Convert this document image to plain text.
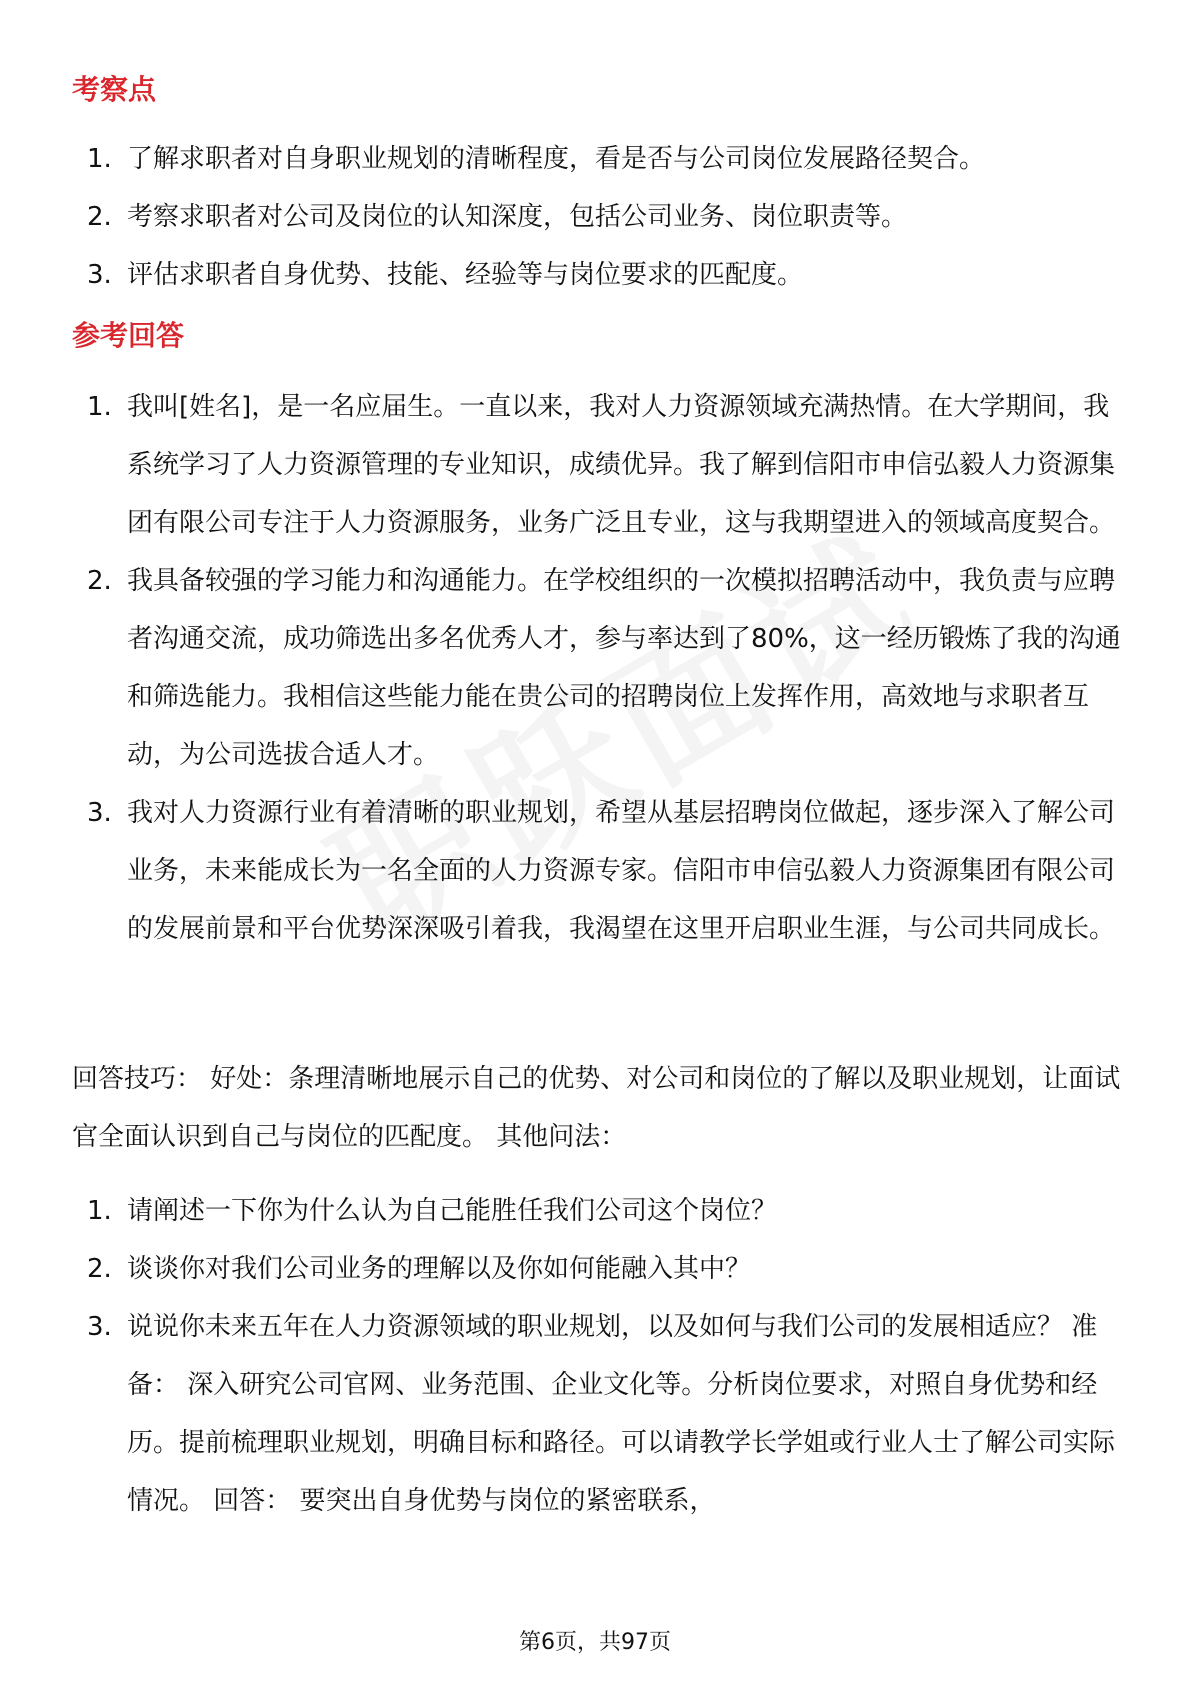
考察点
1. 了解求职者对自身职业规划的清晰程度，看是否与公司岗位发展路径契合。
2. 考察求职者对公司及岗位的认知深度，包括公司业务、岗位职责等。
3. 评估求职者自身优势、技能、经验等与岗位要求的匹配度。
参考回答
1. 我叫[姓名]，是一名应届生。一直以来，我对人力资源领域充满热情。在大学期间，我系统学习了人力资源管理的专业知识，成绩优异。我了解到信阳市申信弘毅人力资源集团有限公司专注于人力资源服务，业务广泛且专业，这与我期望进入的领域高度契合。
2. 我具备较强的学习能力和沟通能力。在学校组织的一次模拟招聘活动中，我负责与应聘者沟通交流，成功筛选出多名优秀人才，参与率达到了80%，这一经历锻炼了我的沟通和筛选能力。我相信这些能力能在贵公司的招聘岗位上发挥作用，高效地与求职者互动，为公司选拔合适人才。
3. 我对人力资源行业有着清晰的职业规划，希望从基层招聘岗位做起，逐步深入了解公司业务，未来能成长为一名全面的人力资源专家。信阳市申信弘毅人力资源集团有限公司的发展前景和平台优势深深吸引着我，我渴望在这里开启职业生涯，与公司共同成长。
回答技巧： 好处：条理清晰地展示自己的优势、对公司和岗位的了解以及职业规划，让面试官全面认识到自己与岗位的匹配度。 其他问法：
1. 请阐述一下你为什么认为自己能胜任我们公司这个岗位？
2. 谈谈你对我们公司业务的理解以及你如何能融入其中？
3. 说说你未来五年在人力资源领域的职业规划，以及如何与我们公司的发展相适应？ 准备： 深入研究公司官网、业务范围、企业文化等。分析岗位要求，对照自身优势和经历。提前梳理职业规划，明确目标和路径。可以请教学长学姐或行业人士了解公司实际情况。 回答： 要突出自身优势与岗位的紧密联系，
第6页，共97页
